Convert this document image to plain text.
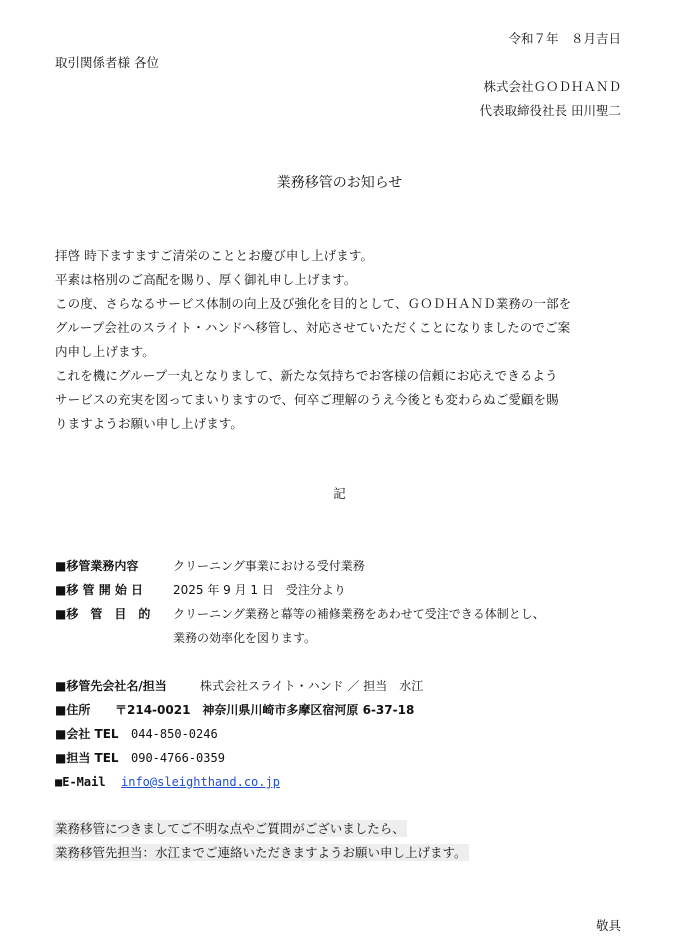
令和７年　８月吉日
取引関係者様 各位
株式会社ＧＯＤＨＡＮＤ
代表取締役社長 田川聖二
業務移管のお知らせ
拝啓 時下ますますご清栄のこととお慶び申し上げます。
平素は格別のご高配を賜り、厚く御礼申し上げます。
この度、さらなるサービス体制の向上及び強化を目的として、ＧＯＤＨＡＮＤ業務の一部を
グループ会社のスライト・ハンドへ移管し、対応させていただくことになりましたのでご案
内申し上げます。
これを機にグループ一丸となりまして、新たな気持ちでお客様の信頼にお応えできるよう
サービスの充実を図ってまいりますので、何卒ご理解のうえ今後とも変わらぬご愛顧を賜
りますようお願い申し上げます。
記
■移管業務内容	クリーニング事業における受付業務
■移 管 開 始 日 2025 年 9 月 1 日　受注分より
■移　管　目　的 クリーニング業務と幕等の補修業務をあわせて受注できる体制とし、
業務の効率化を図ります。
■移管先会社名/担当	株式会社スライト・ハンド ／ 担当　水江
■住所 〒214-0021　神奈川県川崎市多摩区宿河原 6-37-18
■会社 TEL 044-850-0246
■担当 TEL 090-4766-0359
■E-Mail info@sleighthand.co.jp
業務移管につきましてご不明な点やご質問がございましたら、
業務移管先担当：水江までご連絡いただきますようお願い申し上げます。
敬具
